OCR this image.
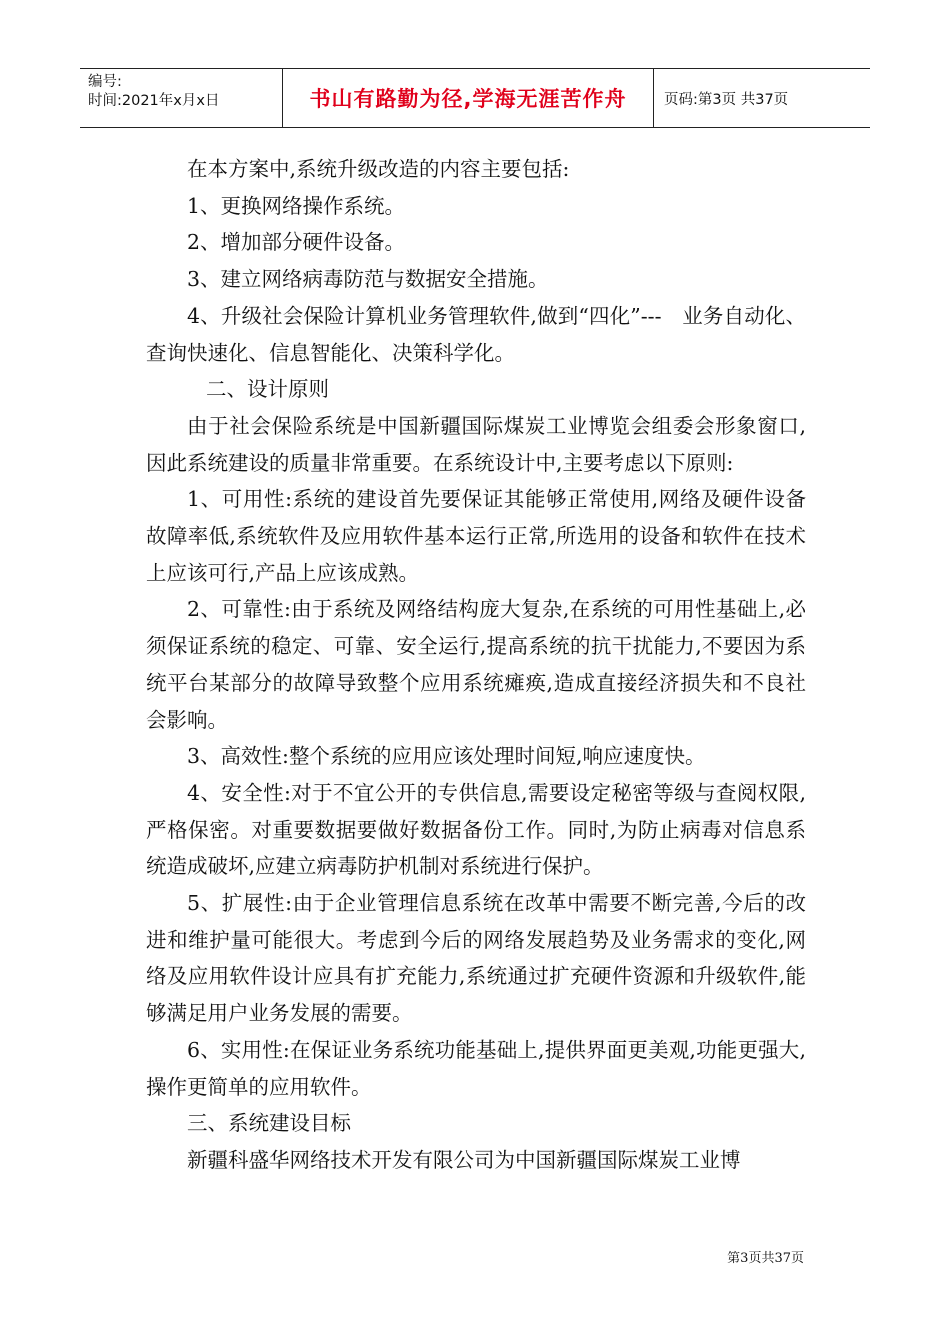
编号:
时间:2021年x月x日	书山有路勤为径,学海无涯苦作舟	页码:第3页 共37页

在本方案中,系统升级改造的内容主要包括:

1、更换网络操作系统。

2、增加部分硬件设备。

3、建立网络病毒防范与数据安全措施。

4、升级社会保险计算机业务管理软件,做到“四化”---　业务自动化、查询快速化、信息智能化、决策科学化。

二、设计原则

由于社会保险系统是中国新疆国际煤炭工业博览会组委会形象窗口,因此系统建设的质量非常重要。在系统设计中,主要考虑以下原则:

1、可用性:系统的建设首先要保证其能够正常使用,网络及硬件设备故障率低,系统软件及应用软件基本运行正常,所选用的设备和软件在技术上应该可行,产品上应该成熟。

2、可靠性:由于系统及网络结构庞大复杂,在系统的可用性基础上,必须保证系统的稳定、可靠、安全运行,提高系统的抗干扰能力,不要因为系统平台某部分的故障导致整个应用系统瘫痪,造成直接经济损失和不良社会影响。

3、高效性:整个系统的应用应该处理时间短,响应速度快。

4、安全性:对于不宜公开的专供信息,需要设定秘密等级与查阅权限,严格保密。对重要数据要做好数据备份工作。同时,为防止病毒对信息系统造成破坏,应建立病毒防护机制对系统进行保护。

5、扩展性:由于企业管理信息系统在改革中需要不断完善,今后的改进和维护量可能很大。考虑到今后的网络发展趋势及业务需求的变化,网络及应用软件设计应具有扩充能力,系统通过扩充硬件资源和升级软件,能够满足用户业务发展的需要。

6、实用性:在保证业务系统功能基础上,提供界面更美观,功能更强大,操作更简单的应用软件。

三、系统建设目标

新疆科盛华网络技术开发有限公司为中国新疆国际煤炭工业博

第3页共37页
